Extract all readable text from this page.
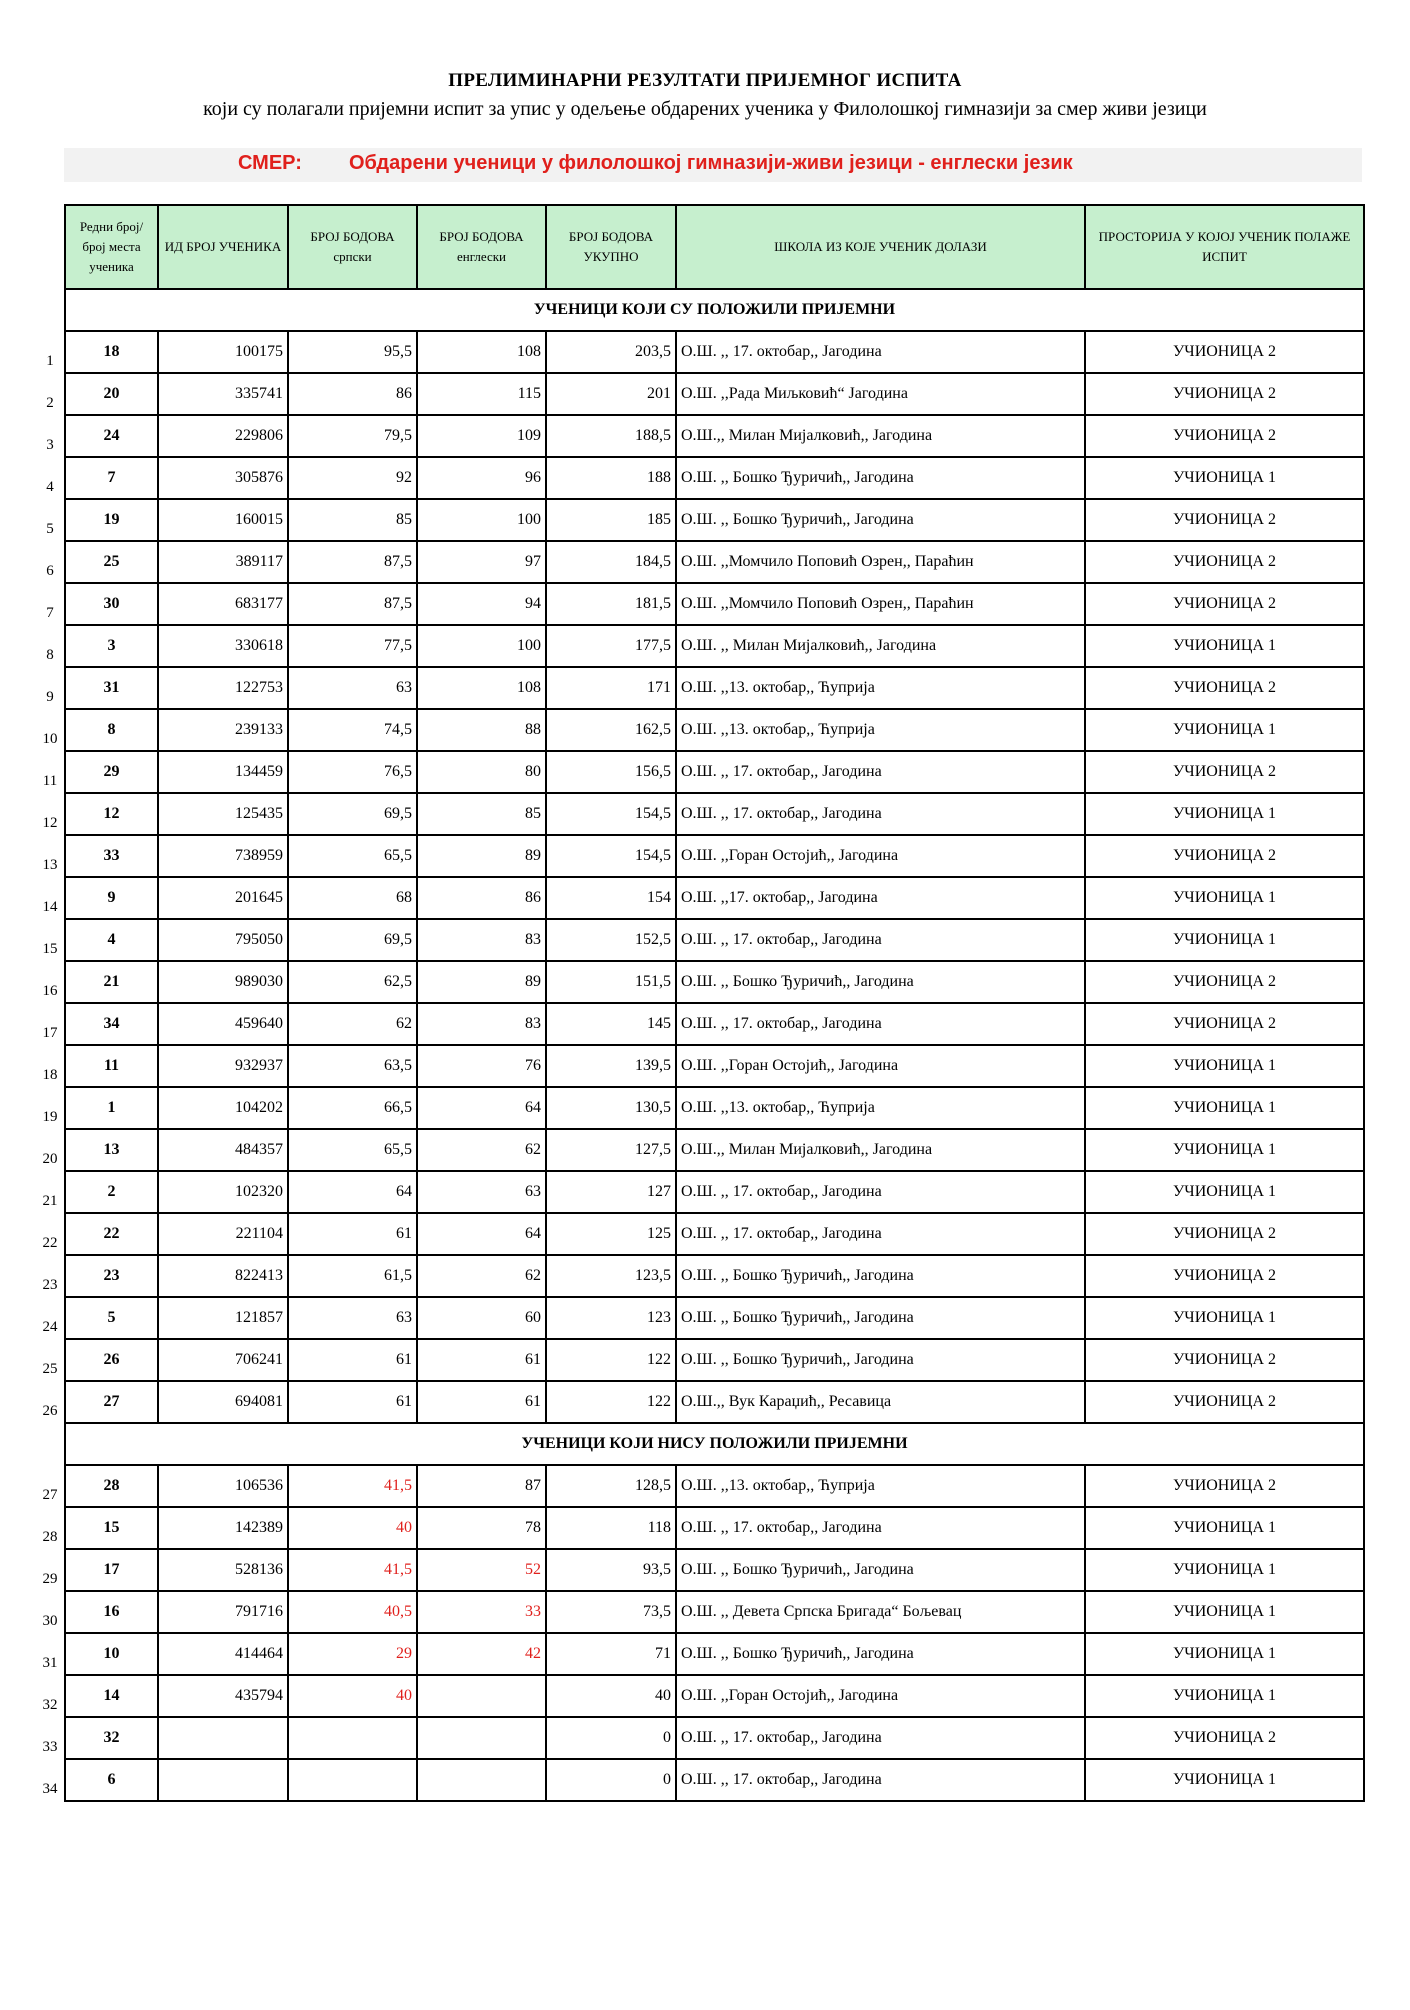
ПРЕЛИМИНАРНИ РЕЗУЛТАТИ ПРИЈЕМНОГ ИСПИТА
који су полагали пријемни испит за упис у одељење обдарених ученика у Филолошкој гимназији за смер живи језици
СМЕР: Обдарени ученици у филолошкој гимназији-живи језици - енглески језик
1
2
3
4
5
6
7
8
9
10
11
12
13
14
15
16
17
18
19
20
21
22
23
24
25
26
27
28
29
30
31
32
33
34
Редни број/ број места ученика	ИД БРОЈ УЧЕНИКА	БРОЈ БОДОВА српски	БРОЈ БОДОВА енглески	БРОЈ БОДОВА УКУПНО	ШКОЛА ИЗ КОЈЕ УЧЕНИК ДОЛАЗИ	ПРОСТОРИЈА У КОЈОЈ УЧЕНИК ПОЛАЖЕ ИСПИТ
УЧЕНИЦИ КОЈИ СУ ПОЛОЖИЛИ ПРИЈЕМНИ						
18	100175	95,5	108	203,5	О.Ш. ,, 17. октобар,, Јагодина	УЧИОНИЦА 2
20	335741	86	115	201	О.Ш. ,,Рада Миљковић“ Јагодина	УЧИОНИЦА 2
24	229806	79,5	109	188,5	О.Ш.,, Милан Мијалковић,, Јагодина	УЧИОНИЦА 2
7	305876	92	96	188	О.Ш. ,, Бошко Ђуричић,, Јагодина	УЧИОНИЦА 1
19	160015	85	100	185	О.Ш. ,, Бошко Ђуричић,, Јагодина	УЧИОНИЦА 2
25	389117	87,5	97	184,5	О.Ш. ,,Момчило Поповић Озрен,, Параћин	УЧИОНИЦА 2
30	683177	87,5	94	181,5	О.Ш. ,,Момчило Поповић Озрен,, Параћин	УЧИОНИЦА 2
3	330618	77,5	100	177,5	О.Ш. ,, Милан Мијалковић,, Јагодина	УЧИОНИЦА 1
31	122753	63	108	171	О.Ш. ,,13. октобар,, Ћуприја	УЧИОНИЦА 2
8	239133	74,5	88	162,5	О.Ш. ,,13. октобар,, Ћуприја	УЧИОНИЦА 1
29	134459	76,5	80	156,5	О.Ш. ,, 17. октобар,, Јагодина	УЧИОНИЦА 2
12	125435	69,5	85	154,5	О.Ш. ,, 17. октобар,, Јагодина	УЧИОНИЦА 1
33	738959	65,5	89	154,5	О.Ш. ,,Горан Остојић,, Јагодина	УЧИОНИЦА 2
9	201645	68	86	154	О.Ш. ,,17. октобар,, Јагодина	УЧИОНИЦА 1
4	795050	69,5	83	152,5	О.Ш. ,, 17. октобар,, Јагодина	УЧИОНИЦА 1
21	989030	62,5	89	151,5	О.Ш. ,, Бошко Ђуричић,, Јагодина	УЧИОНИЦА 2
34	459640	62	83	145	О.Ш. ,, 17. октобар,, Јагодина	УЧИОНИЦА 2
11	932937	63,5	76	139,5	О.Ш. ,,Горан Остојић,, Јагодина	УЧИОНИЦА 1
1	104202	66,5	64	130,5	О.Ш. ,,13. октобар,, Ћуприја	УЧИОНИЦА 1
13	484357	65,5	62	127,5	О.Ш.,, Милан Мијалковић,, Јагодина	УЧИОНИЦА 1
2	102320	64	63	127	О.Ш. ,, 17. октобар,, Јагодина	УЧИОНИЦА 1
22	221104	61	64	125	О.Ш. ,, 17. октобар,, Јагодина	УЧИОНИЦА 2
23	822413	61,5	62	123,5	О.Ш. ,, Бошко Ђуричић,, Јагодина	УЧИОНИЦА 2
5	121857	63	60	123	О.Ш. ,, Бошко Ђуричић,, Јагодина	УЧИОНИЦА 1
26	706241	61	61	122	О.Ш. ,, Бошко Ђуричић,, Јагодина	УЧИОНИЦА 2
27	694081	61	61	122	О.Ш.,, Вук Караџић,, Ресавица	УЧИОНИЦА 2
УЧЕНИЦИ КОЈИ НИСУ ПОЛОЖИЛИ ПРИЈЕМНИ						
28	106536	41,5	87	128,5	О.Ш. ,,13. октобар,, Ћуприја	УЧИОНИЦА 2
15	142389	40	78	118	О.Ш. ,, 17. октобар,, Јагодина	УЧИОНИЦА 1
17	528136	41,5	52	93,5	О.Ш. ,, Бошко Ђуричић,, Јагодина	УЧИОНИЦА 1
16	791716	40,5	33	73,5	О.Ш. ,, Девета Српска Бригада“ Бољевац	УЧИОНИЦА 1
10	414464	29	42	71	О.Ш. ,, Бошко Ђуричић,, Јагодина	УЧИОНИЦА 1
14	435794	40		40	О.Ш. ,,Горан Остојић,, Јагодина	УЧИОНИЦА 1
32				0	О.Ш. ,, 17. октобар,, Јагодина	УЧИОНИЦА 2
6				0	О.Ш. ,, 17. октобар,, Јагодина	УЧИОНИЦА 1
